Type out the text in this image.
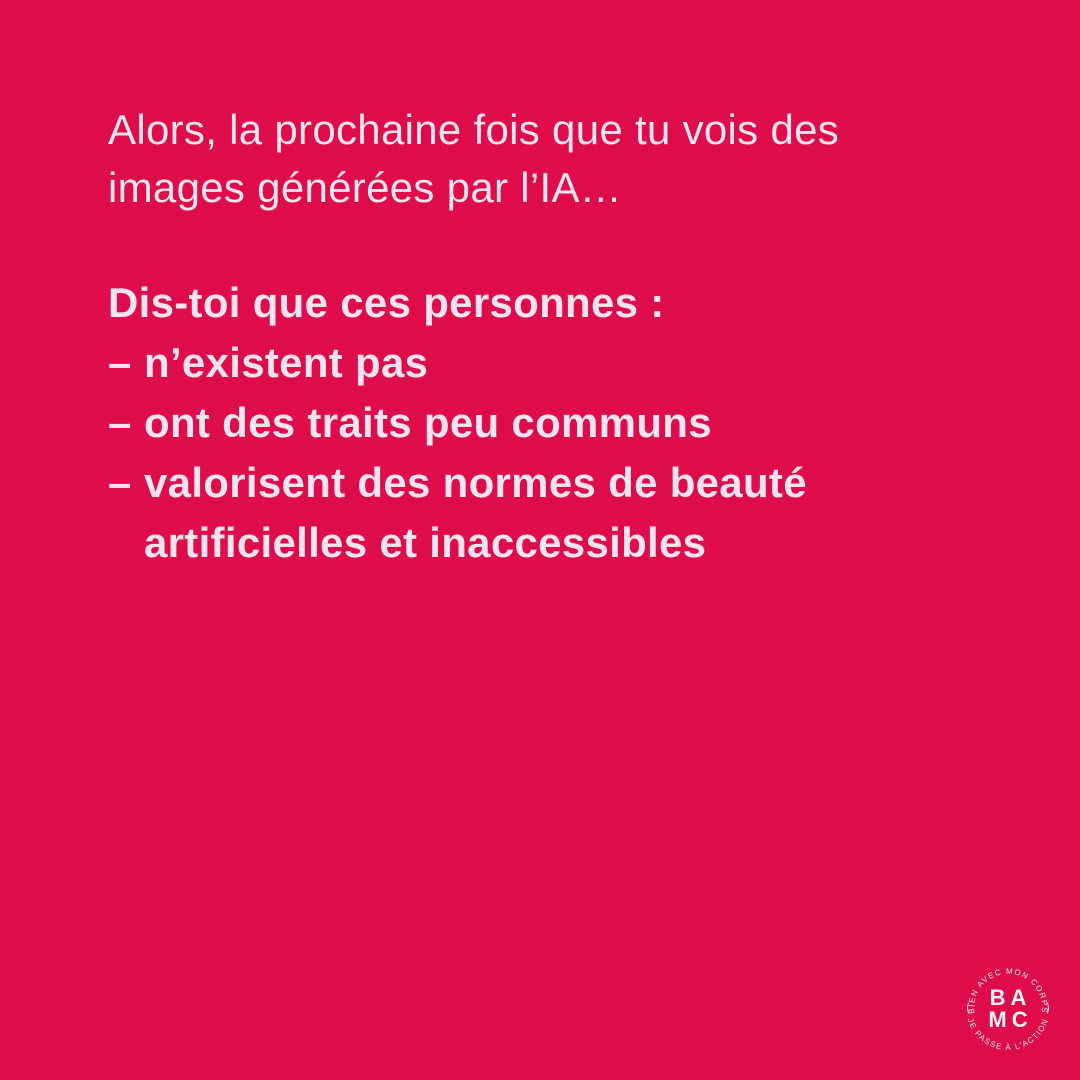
Alors, la prochaine fois que tu vois des
images générées par l’IA…

Dis-toi que ces personnes :
– n’existent pas
– ont des traits peu communs
– valorisent des normes de beauté
artificielles et inaccessibles
BIEN AVEC MON CORPS
JE PASSE À L’ACTION
BA
MC
